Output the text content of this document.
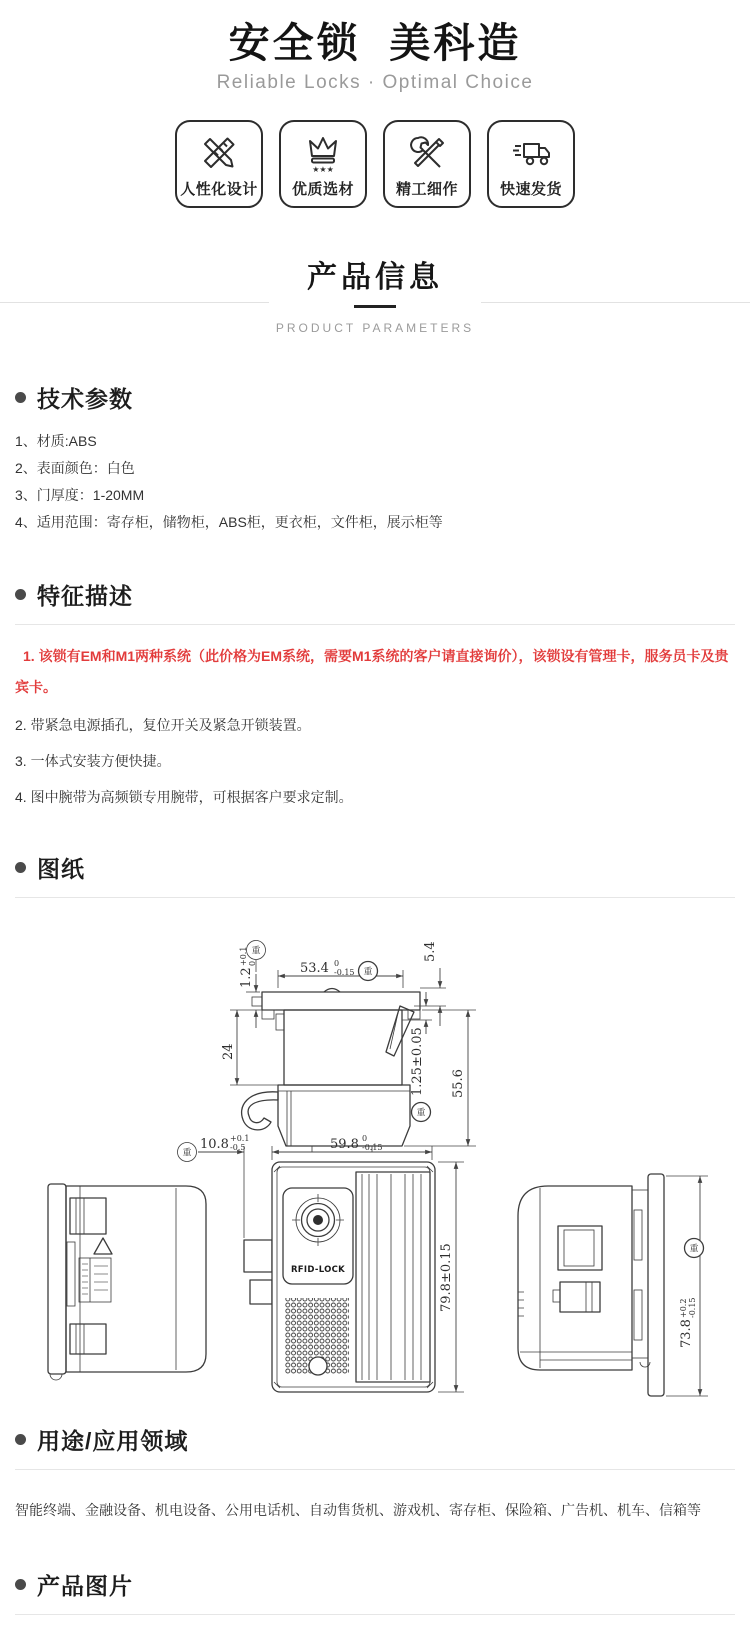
安全锁  美科造
Reliable Locks · Optimal Choice
人性化设计
★★★
优质选材	精工细作	快速发货
产品信息
PRODUCT PARAMETERS
技术参数
1、材质:ABS
2、表面颜色：白色
3、门厚度：1-20MM
4、适用范围：寄存柜，储物柜，ABS柜，更衣柜，文件柜，展示柜等
特征描述
1. 该锁有EM和M1两种系统（此价格为EM系统，需要M1系统的客户请直接询价），该锁设有管理卡，服务员卡及贵宾卡。
2. 带紧急电源插孔，复位开关及紧急开锁装置。
3. 一体式安装方便快捷。
4. 图中腕带为高频锁专用腕带，可根据客户要求定制。
图纸
重
53.4 0
-0.15 重
1.2
+0.1 0
5.4
1.25±0.05
重
24
55.6
RFID-LOCK
重
10.8 +0.1
-0.5	59.8 0
-0.15
79.8±0.15	重
73.8
+0.2 -0.15
用途/应用领域
智能终端、金融设备、机电设备、公用电话机、自动售货机、游戏机、寄存柜、保险箱、广告机、机车、信箱等
产品图片
